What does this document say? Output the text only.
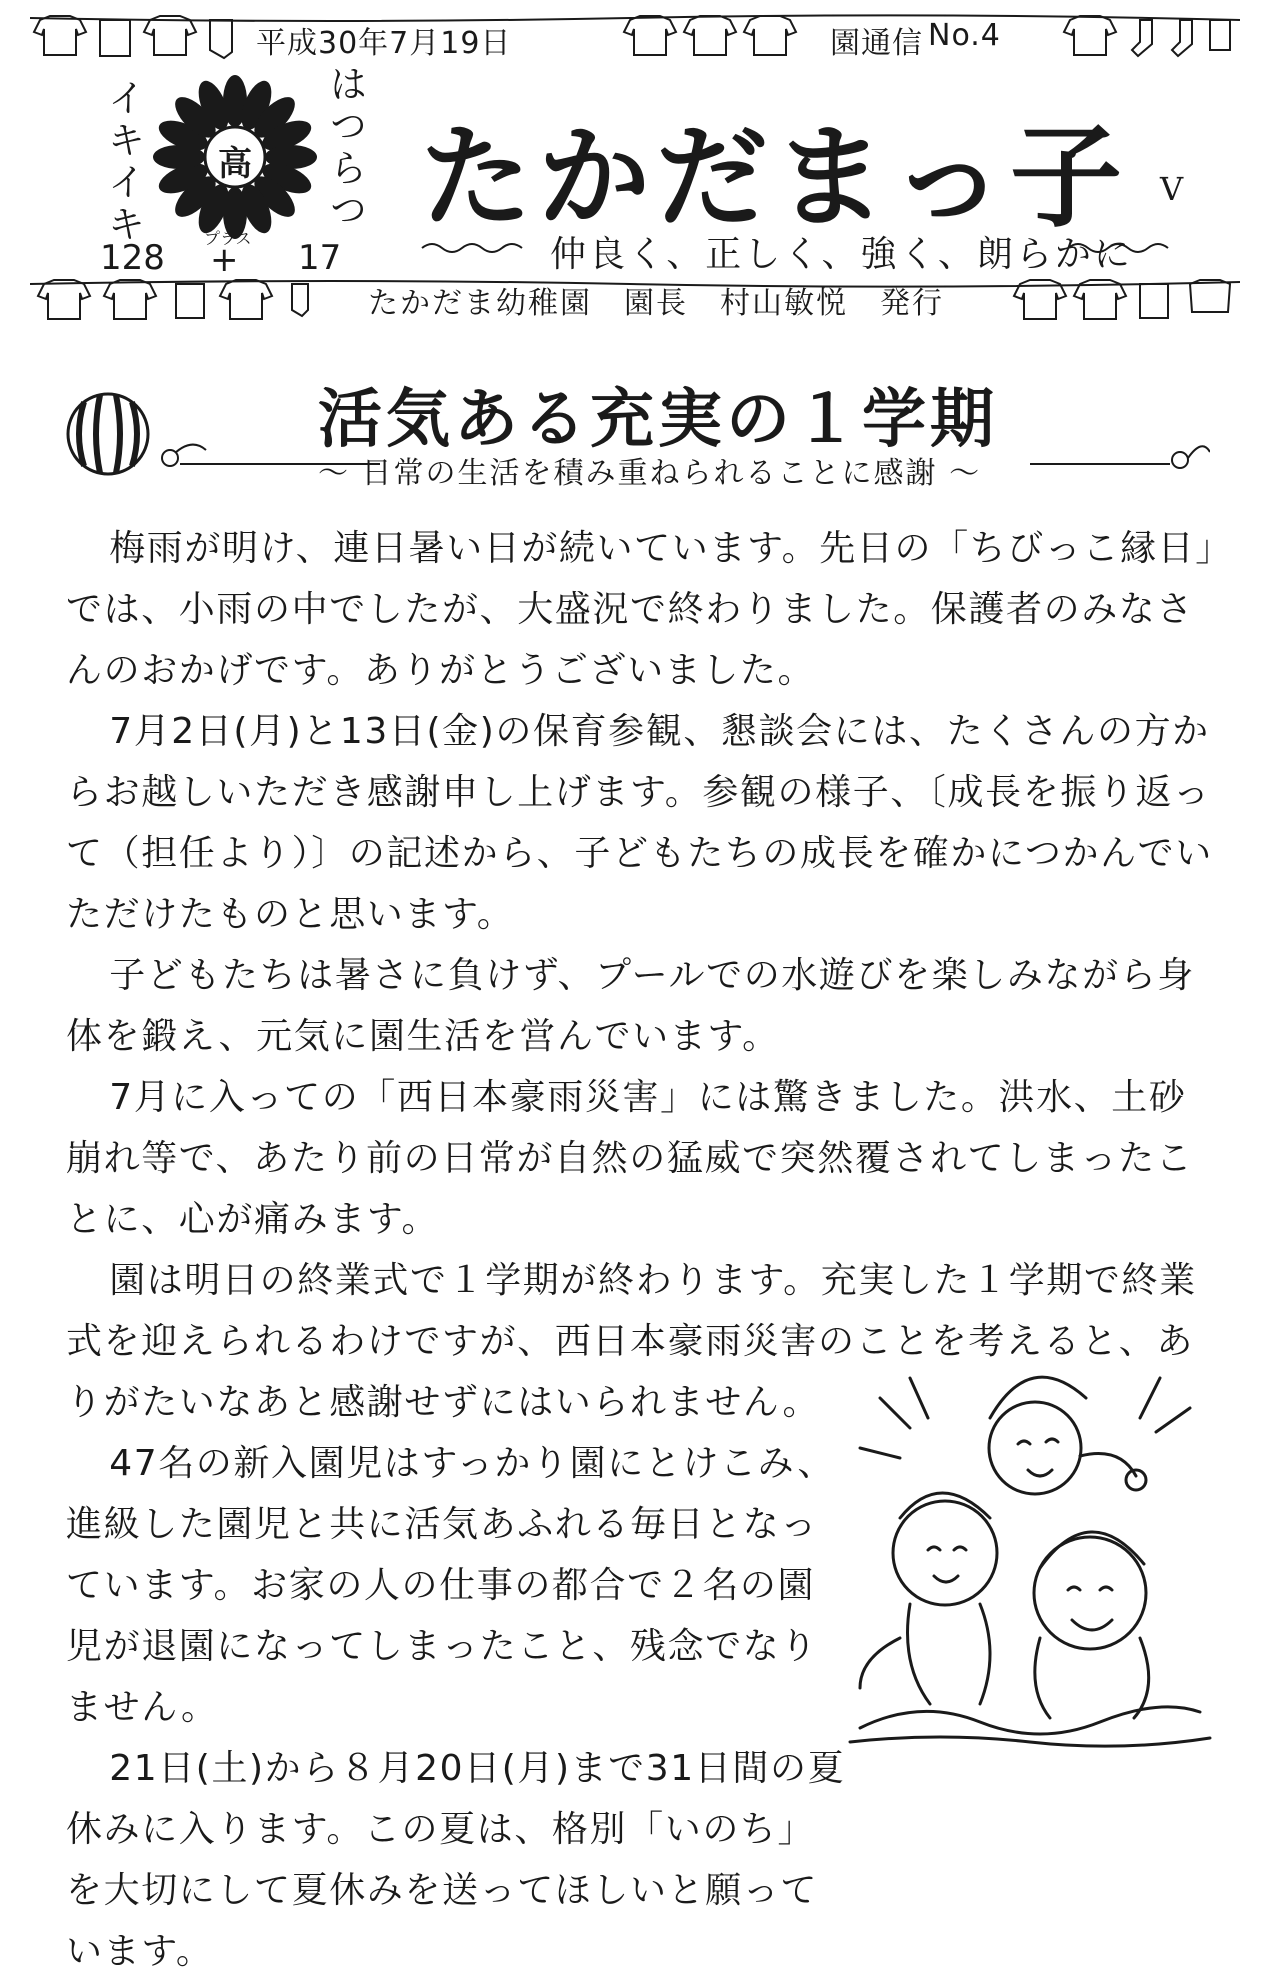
平成30年7月19日	園通信 No.4
イキイキ	はつらつ
高
128 プラス
+ 17
たかだまっ子 V
仲良く、正しく、強く、朗らかに
たかだま幼稚園　園長　村山敏悦　発行
活気ある充実の１学期
～ 日常の生活を積み重ねられることに感謝 ～

梅雨が明け、連日暑い日が続いています。先日の「ちびっこ縁日」では、小雨の中でしたが、大盛況で終わりました。保護者のみなさんのおかげです。ありがとうございました。

7月2日(月)と13日(金)の保育参観、懇談会には、たくさんの方からお越しいただき感謝申し上げます。参観の様子、〔成長を振り返って（担任より）〕の記述から、子どもたちの成長を確かにつかんでいただけたものと思います。

子どもたちは暑さに負けず、プールでの水遊びを楽しみながら身体を鍛え、元気に園生活を営んでいます。

7月に入っての「西日本豪雨災害」には驚きました。洪水、土砂崩れ等で、あたり前の日常が自然の猛威で突然覆されてしまったことに、心が痛みます。

園は明日の終業式で１学期が終わります。充実した１学期で終業式を迎えられるわけですが、西日本豪雨災害のことを考えると、ありがたいなあと感謝せずにはいられません。

47名の新入園児はすっかり園にとけこみ、進級した園児と共に活気あふれる毎日となっています。お家の人の仕事の都合で２名の園児が退園になってしまったこと、残念でなりません。

21日(土)から８月20日(月)まで31日間の夏休みに入ります。この夏は、格別「いのち」を大切にして夏休みを送ってほしいと願っています。
